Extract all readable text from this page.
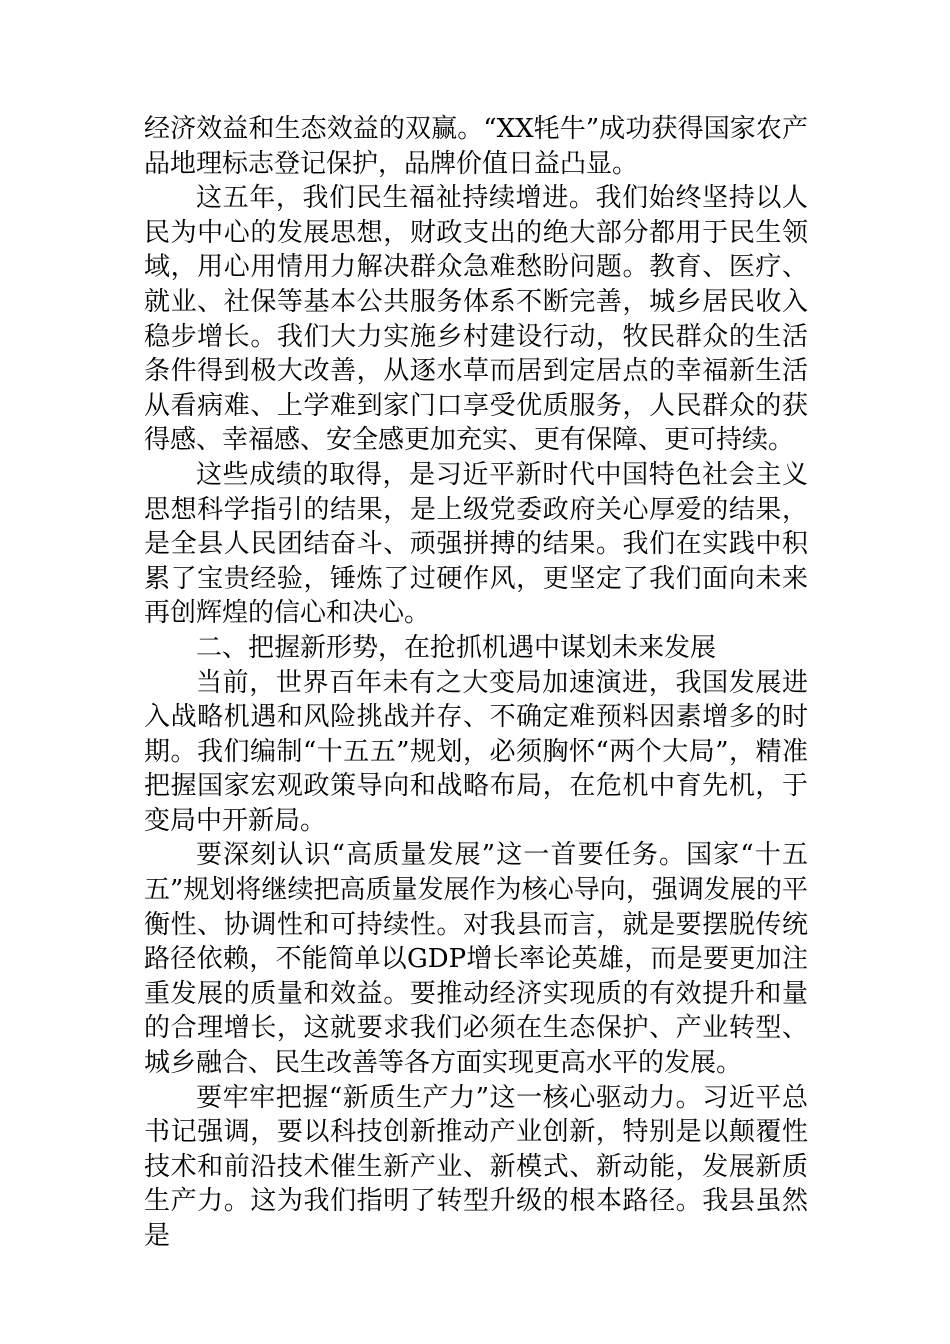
经济效益和生态效益的双赢。“XX牦牛”成功获得国家农产品地理标志登记保护，品牌价值日益凸显。

这五年，我们民生福祉持续增进。我们始终坚持以人民为中心的发展思想，财政支出的绝大部分都用于民生领域，用心用情用力解决群众急难愁盼问题。教育、医疗、就业、社保等基本公共服务体系不断完善，城乡居民收入稳步增长。我们大力实施乡村建设行动，牧民群众的生活条件得到极大改善，从逐水草而居到定居点的幸福新生活从看病难、上学难到家门口享受优质服务，人民群众的获得感、幸福感、安全感更加充实、更有保障、更可持续。

这些成绩的取得，是习近平新时代中国特色社会主义思想科学指引的结果，是上级党委政府关心厚爱的结果，是全县人民团结奋斗、顽强拼搏的结果。我们在实践中积累了宝贵经验，锤炼了过硬作风，更坚定了我们面向未来再创辉煌的信心和决心。

二、把握新形势，在抢抓机遇中谋划未来发展

当前，世界百年未有之大变局加速演进，我国发展进入战略机遇和风险挑战并存、不确定难预料因素增多的时期。我们编制“十五五”规划，必须胸怀“两个大局”，精准把握国家宏观政策导向和战略布局，在危机中育先机，于变局中开新局。

要深刻认识“高质量发展”这一首要任务。国家“十五五”规划将继续把高质量发展作为核心导向，强调发展的平衡性、协调性和可持续性。对我县而言，就是要摆脱传统路径依赖，不能简单以GDP增长率论英雄，而是要更加注重发展的质量和效益。要推动经济实现质的有效提升和量的合理增长，这就要求我们必须在生态保护、产业转型、城乡融合、民生改善等各方面实现更高水平的发展。

要牢牢把握“新质生产力”这一核心驱动力。习近平总书记强调，要以科技创新推动产业创新，特别是以颠覆性技术和前沿技术催生新产业、新模式、新动能，发展新质生产力。这为我们指明了转型升级的根本路径。我县虽然是
